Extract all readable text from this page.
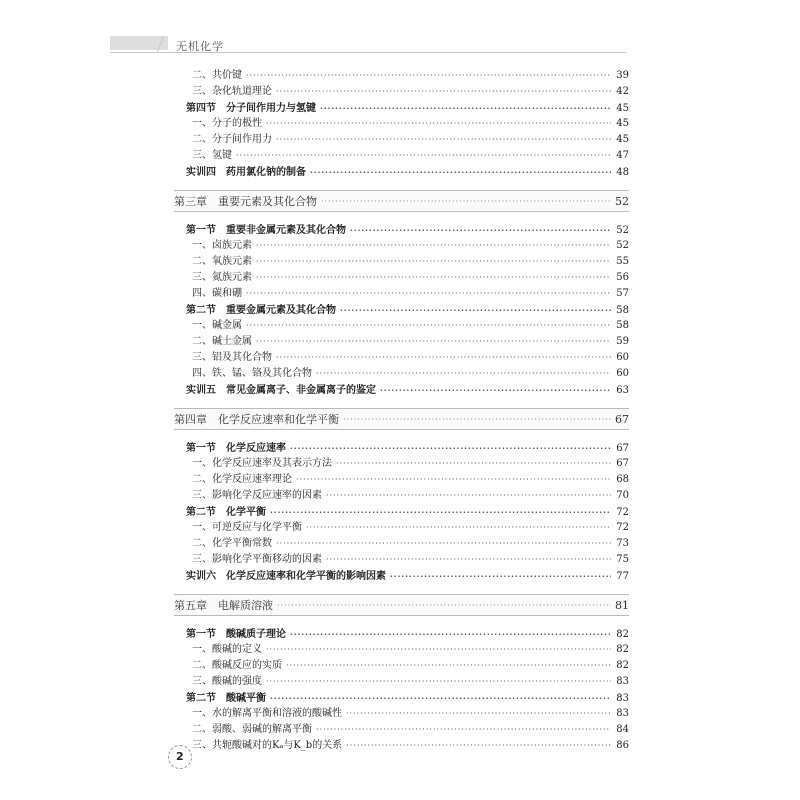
无机化学
二、共价键 ·····	39
三、杂化轨道理论 ·····	42
第四节　分子间作用力与氢键 ·····	45
一、分子的极性 ·····	45
二、分子间作用力 ·····	45
三、氢键 ·····	47
实训四　药用氯化钠的制备 ·····	48
第三章　重要元素及其化合物 ·····	52
第一节　重要非金属元素及其化合物 ·····	52
一、卤族元素 ·····	52
二、氧族元素 ·····	55
三、氮族元素 ·····	56
四、碳和硼 ·····	57
第二节　重要金属元素及其化合物 ·····	58
一、碱金属 ·····	58
二、碱土金属 ·····	59
三、铝及其化合物 ·····	60
四、铁、锰、铬及其化合物 ·····	60
实训五　常见金属离子、非金属离子的鉴定 ·····	63
第四章　化学反应速率和化学平衡 ·····	67
第一节　化学反应速率 ·····	67
一、化学反应速率及其表示方法 ·····	67
二、化学反应速率理论 ·····	68
三、影响化学反应速率的因素 ·····	70
第二节　化学平衡 ·····	72
一、可逆反应与化学平衡 ·····	72
二、化学平衡常数 ·····	73
三、影响化学平衡移动的因素 ·····	75
实训六　化学反应速率和化学平衡的影响因素 ·····	77
第五章　电解质溶液 ·····	81
第一节　酸碱质子理论 ·····	82
一、酸碱的定义 ·····	82
二、酸碱反应的实质 ·····	82
三、酸碱的强度 ·····	83
第二节　酸碱平衡 ·····	83
一、水的解离平衡和溶液的酸碱性 ·····	83
二、弱酸、弱碱的解离平衡 ·····	84
三、共轭酸碱对的Kₐ与K_b的关系 ·····	86
2
